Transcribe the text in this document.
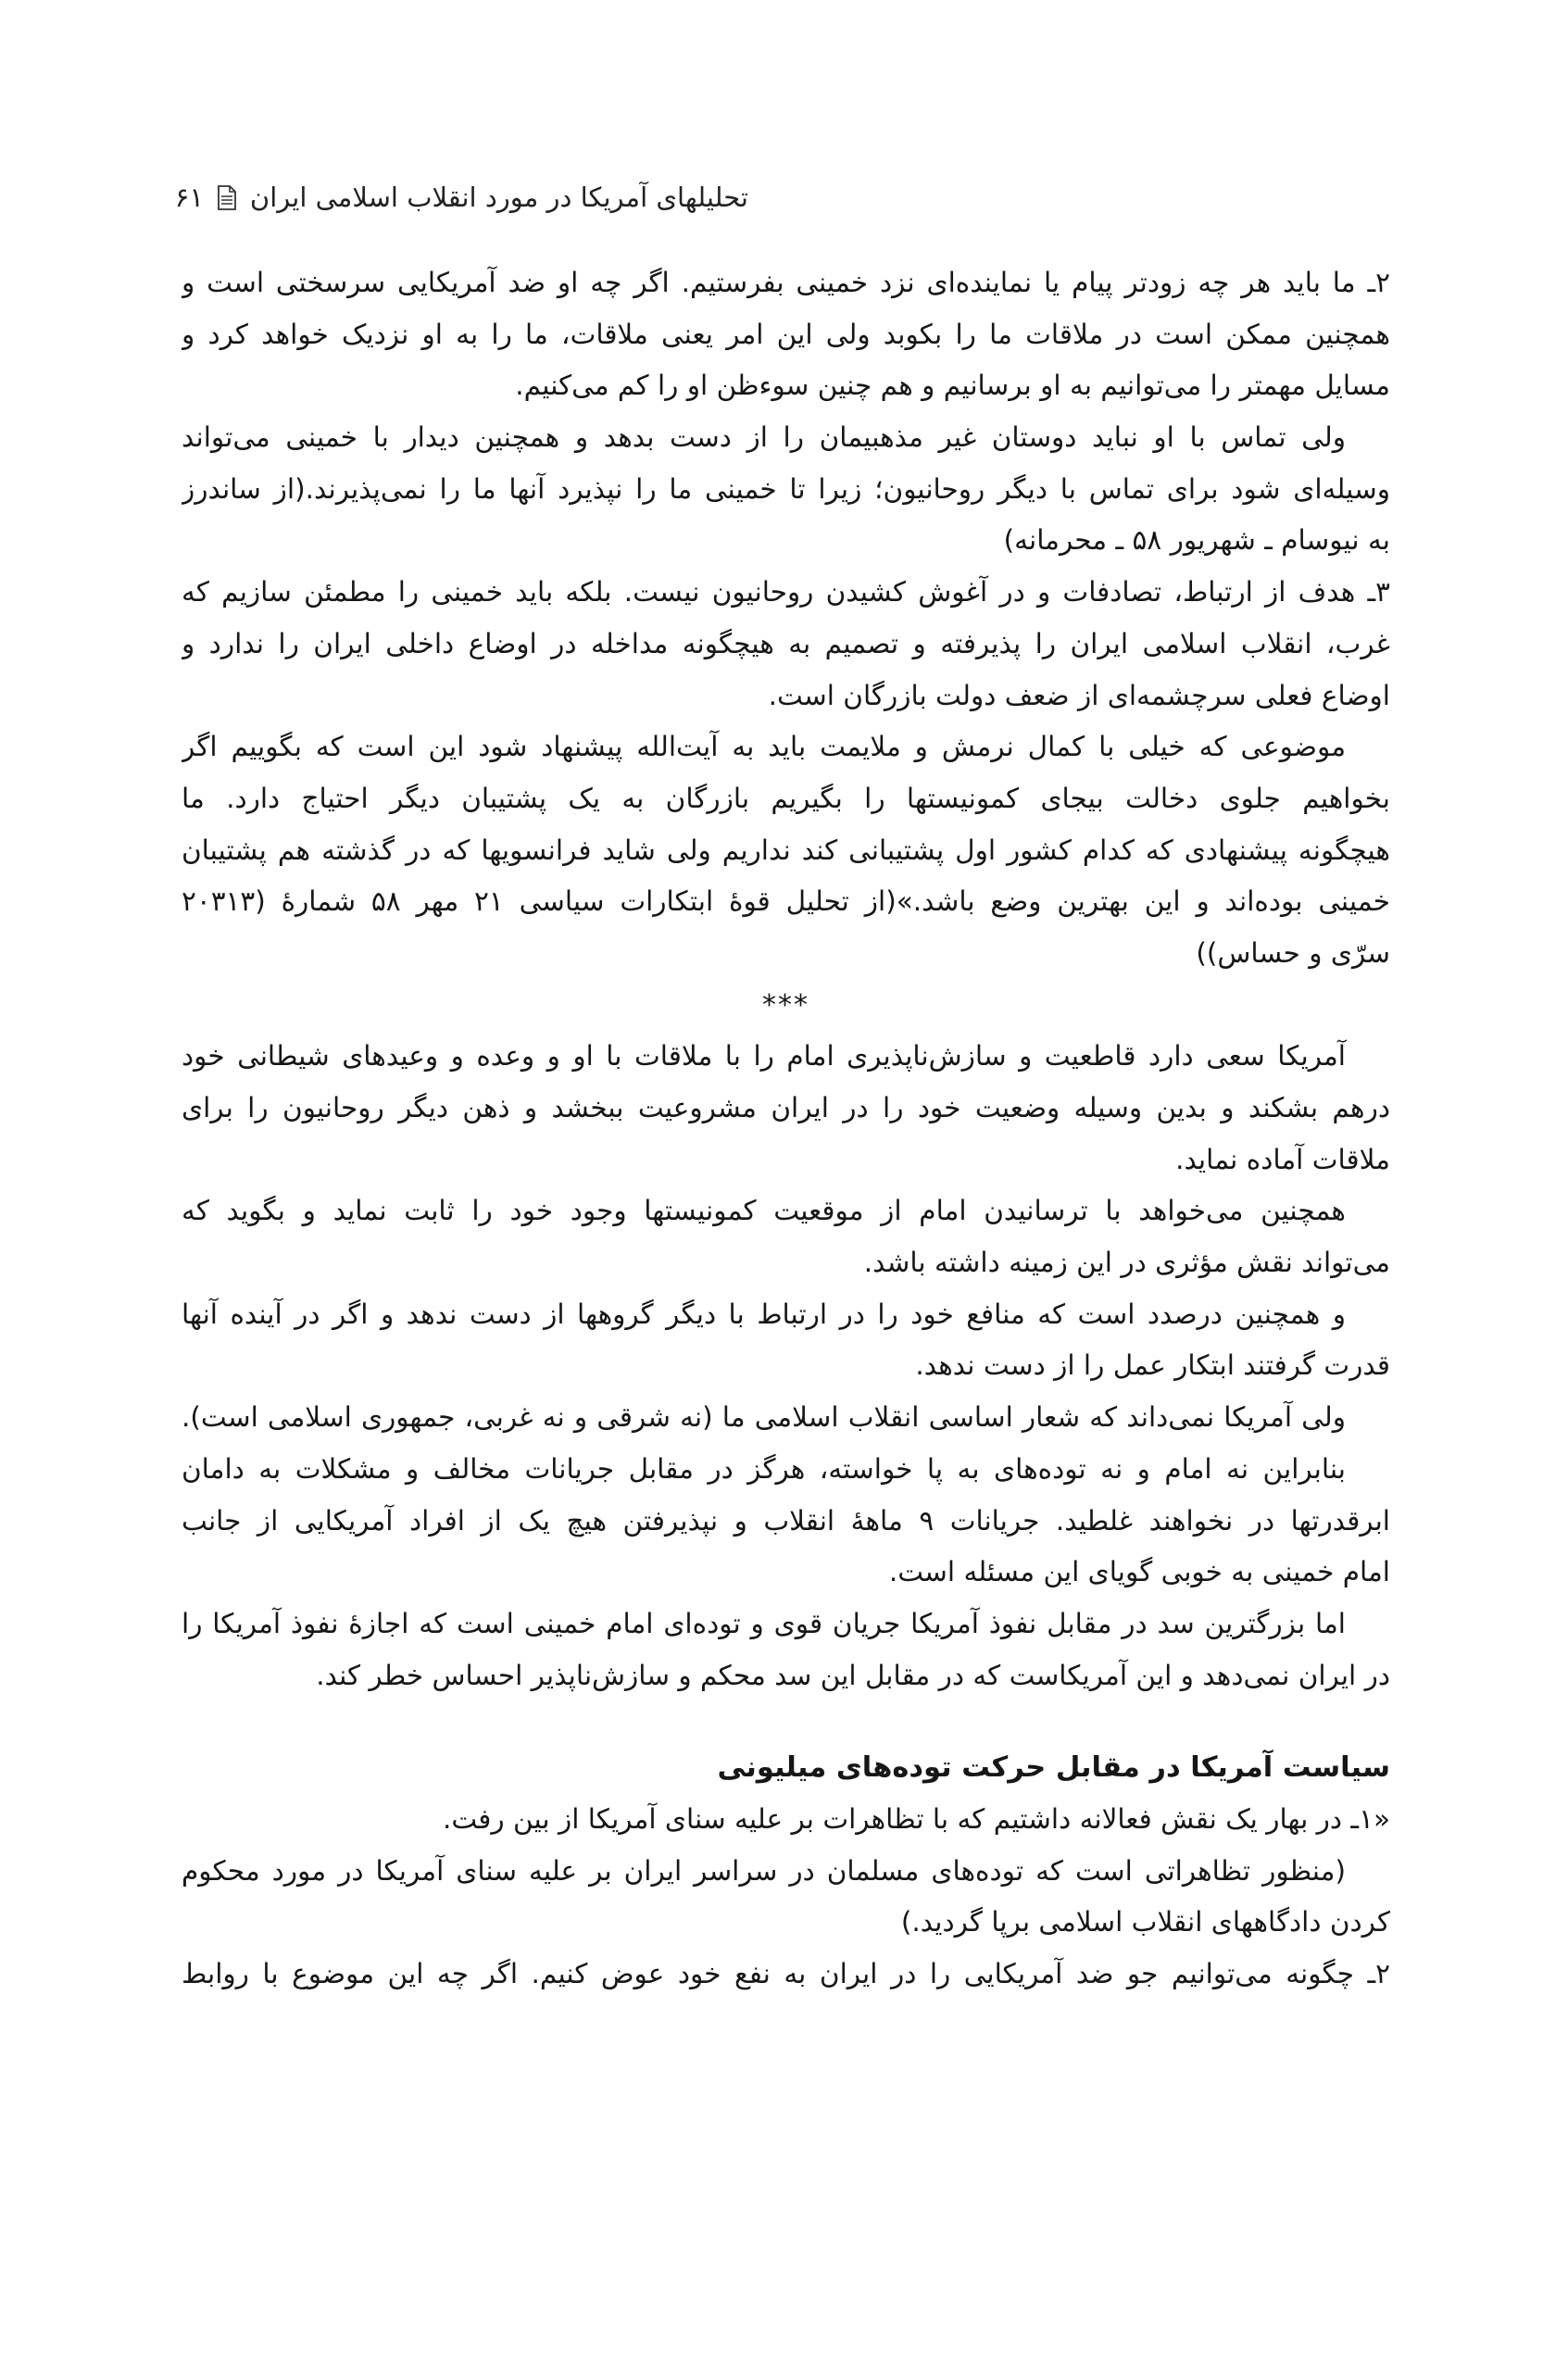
تحلیلهای آمریکا در مورد انقلاب اسلامی ایران
۶۱
۲ـ ما باید هر چه زودتر پیام یا نماینده‌ای نزد خمینی بفرستیم. اگر چه او ضد آمریکایی سرسختی است و
همچنین ممکن است در ملاقات ما را بکوبد ولی این امر یعنی ملاقات، ما را به او نزدیک خواهد کرد و
مسایل مهمتر را می‌توانیم به او برسانیم و هم چنین سوءظن او را کم می‌کنیم.
ولی تماس با او نباید دوستان غیر مذهبیمان را از دست بدهد و همچنین دیدار با خمینی می‌تواند
وسیله‌ای شود برای تماس با دیگر روحانیون؛ زیرا تا خمینی ما را نپذیرد آنها ما را نمی‌پذیرند.(از ساندرز
به نیوسام ـ شهریور ۵۸ ـ محرمانه)
۳ـ هدف از ارتباط، تصادفات و در آغوش کشیدن روحانیون نیست. بلکه باید خمینی را مطمئن سازیم که
غرب، انقلاب اسلامی ایران را پذیرفته و تصمیم به هیچگونه مداخله در اوضاع داخلی ایران را ندارد و
اوضاع فعلی سرچشمه‌ای از ضعف دولت بازرگان است.
موضوعی که خیلی با کمال نرمش و ملایمت باید به آیت‌الله پیشنهاد شود این است که بگوییم اگر
بخواهیم جلوی دخالت بیجای کمونیستها را بگیریم بازرگان به یک پشتیبان دیگر احتیاج دارد. ما
هیچگونه پیشنهادی که کدام کشور اول پشتیبانی کند نداریم ولی شاید فرانسویها که در گذشته هم پشتیبان
خمینی بوده‌اند و این بهترین وضع باشد.»(از تحلیل قوهٔ ابتکارات سیاسی ۲۱ مهر ۵۸ شمارهٔ (۲۰۳۱۳
سرّی و حساس))
***
آمریکا سعی دارد قاطعیت و سازش‌ناپذیری امام را با ملاقات با او و وعده و وعیدهای شیطانی خود
درهم بشکند و بدین وسیله وضعیت خود را در ایران مشروعیت ببخشد و ذهن دیگر روحانیون را برای
ملاقات آماده نماید.
همچنین می‌خواهد با ترسانیدن امام از موقعیت کمونیستها وجود خود را ثابت نماید و بگوید که
می‌تواند نقش مؤثری در این زمینه داشته باشد.
و همچنین درصدد است که منافع خود را در ارتباط با دیگر گروهها از دست ندهد و اگر در آینده آنها
قدرت گرفتند ابتکار عمل را از دست ندهد.
ولی آمریکا نمی‌داند که شعار اساسی انقلاب اسلامی ما (نه شرقی و نه غربی، جمهوری اسلامی است).
بنابراین نه امام و نه توده‌های به پا خواسته، هرگز در مقابل جریانات مخالف و مشکلات به دامان
ابرقدرتها در نخواهند غلطید. جریانات ۹ ماههٔ انقلاب و نپذیرفتن هیچ یک از افراد آمریکایی از جانب
امام خمینی به خوبی گویای این مسئله است.
اما بزرگترین سد در مقابل نفوذ آمریکا جریان قوی و توده‌ای امام خمینی است که اجازهٔ نفوذ آمریکا را
در ایران نمی‌دهد و این آمریکاست که در مقابل این سد محکم و سازش‌ناپذیر احساس خطر کند.
سیاست آمریکا در مقابل حرکت توده‌های میلیونی
«۱ـ در بهار یک نقش فعالانه داشتیم که با تظاهرات بر علیه سنای آمریکا از بین رفت.
(منظور تظاهراتی است که توده‌های مسلمان در سراسر ایران بر علیه سنای آمریکا در مورد محکوم
کردن دادگاههای انقلاب اسلامی برپا گردید.)
۲ـ چگونه می‌توانیم جو ضد آمریکایی را در ایران به نفع خود عوض کنیم. اگر چه این موضوع با روابط
